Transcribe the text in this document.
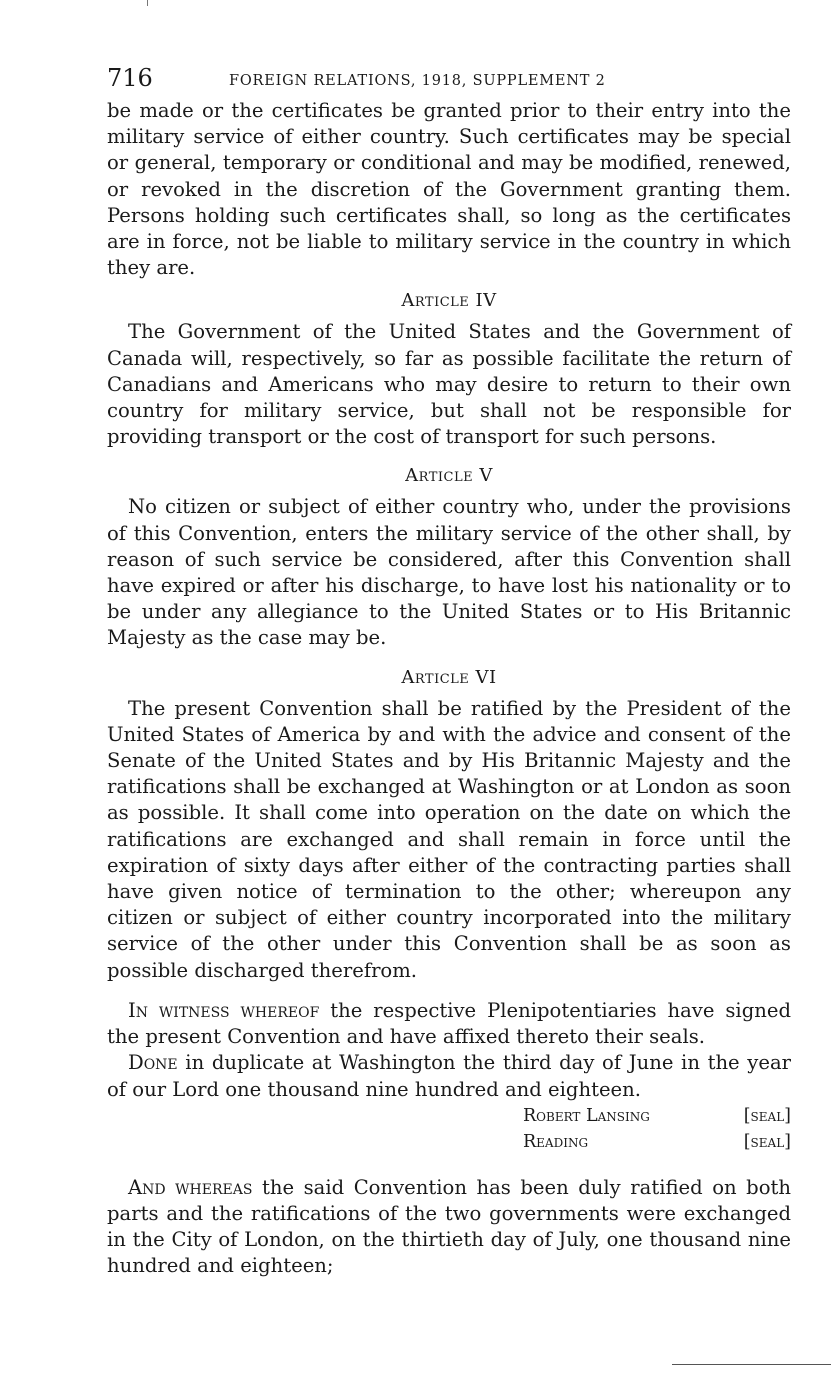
716	FOREIGN RELATIONS, 1918, SUPPLEMENT 2

be made or the certificates be granted prior to their entry into the military service of either country. Such certificates may be special or general, temporary or conditional and may be modified, renewed, or revoked in the discretion of the Government granting them. Persons holding such certificates shall, so long as the certificates are in force, not be liable to military service in the country in which they are.

Article IV

The Government of the United States and the Government of Canada will, respectively, so far as possible facilitate the return of Canadians and Americans who may desire to return to their own country for military service, but shall not be responsible for providing transport or the cost of transport for such persons.

Article V

No citizen or subject of either country who, under the provisions of this Convention, enters the military service of the other shall, by reason of such service be considered, after this Convention shall have expired or after his discharge, to have lost his nationality or to be under any allegiance to the United States or to His Britannic Majesty as the case may be.

Article VI

The present Convention shall be ratified by the President of the United States of America by and with the advice and consent of the Senate of the United States and by His Britannic Majesty and the ratifications shall be exchanged at Washington or at London as soon as possible. It shall come into operation on the date on which the ratifications are exchanged and shall remain in force until the expiration of sixty days after either of the contracting parties shall have given notice of termination to the other; whereupon any citizen or subject of either country incorporated into the military service of the other under this Convention shall be as soon as possible discharged therefrom.

In witness whereof the respective Plenipotentiaries have signed the present Convention and have affixed thereto their seals.

Done in duplicate at Washington the third day of June in the year of our Lord one thousand nine hundred and eighteen.

Robert Lansing	[seal]
Reading	[seal]

And whereas the said Convention has been duly ratified on both parts and the ratifications of the two governments were exchanged in the City of London, on the thirtieth day of July, one thousand nine hundred and eighteen;
